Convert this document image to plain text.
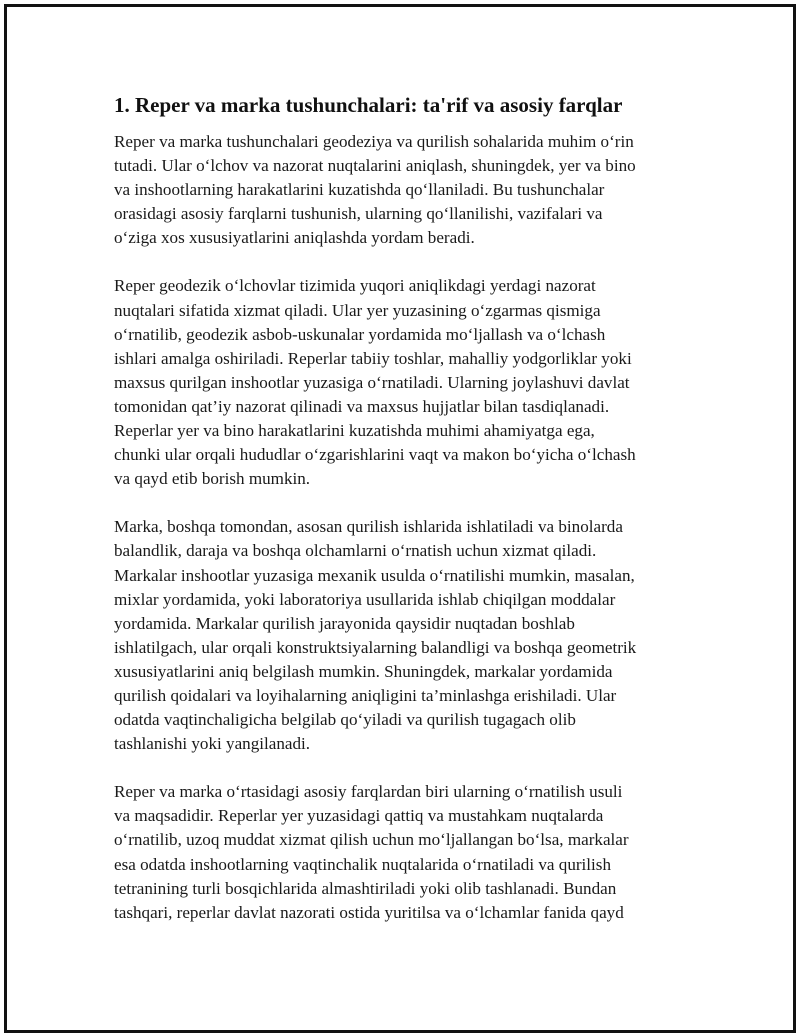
1. Reper va marka tushunchalari: ta'rif va asosiy farqlar

Reper va marka tushunchalari geodeziya va qurilish sohalarida muhim o‘rin
tutadi. Ular o‘lchov va nazorat nuqtalarini aniqlash, shuningdek, yer va bino
va inshootlarning harakatlarini kuzatishda qo‘llaniladi. Bu tushunchalar
orasidagi asosiy farqlarni tushunish, ularning qo‘llanilishi, vazifalari va
o‘ziga xos xususiyatlarini aniqlashda yordam beradi.

Reper geodezik o‘lchovlar tizimida yuqori aniqlikdagi yerdagi nazorat
nuqtalari sifatida xizmat qiladi. Ular yer yuzasining o‘zgarmas qismiga
o‘rnatilib, geodezik asbob-uskunalar yordamida mo‘ljallash va o‘lchash
ishlari amalga oshiriladi. Reperlar tabiiy toshlar, mahalliy yodgorliklar yoki
maxsus qurilgan inshootlar yuzasiga o‘rnatiladi. Ularning joylashuvi davlat
tomonidan qat’iy nazorat qilinadi va maxsus hujjatlar bilan tasdiqlanadi.
Reperlar yer va bino harakatlarini kuzatishda muhimi ahamiyatga ega,
chunki ular orqali hududlar o‘zgarishlarini vaqt va makon bo‘yicha o‘lchash
va qayd etib borish mumkin.

Marka, boshqa tomondan, asosan qurilish ishlarida ishlatiladi va binolarda
balandlik, daraja va boshqa olchamlarni o‘rnatish uchun xizmat qiladi.
Markalar inshootlar yuzasiga mexanik usulda o‘rnatilishi mumkin, masalan,
mixlar yordamida, yoki laboratoriya usullarida ishlab chiqilgan moddalar
yordamida. Markalar qurilish jarayonida qaysidir nuqtadan boshlab
ishlatilgach, ular orqali konstruktsiyalarning balandligi va boshqa geometrik
xususiyatlarini aniq belgilash mumkin. Shuningdek, markalar yordamida
qurilish qoidalari va loyihalarning aniqligini ta’minlashga erishiladi. Ular
odatda vaqtinchaligicha belgilab qo‘yiladi va qurilish tugagach olib
tashlanishi yoki yangilanadi.

Reper va marka o‘rtasidagi asosiy farqlardan biri ularning o‘rnatilish usuli
va maqsadidir. Reperlar yer yuzasidagi qattiq va mustahkam nuqtalarda
o‘rnatilib, uzoq muddat xizmat qilish uchun mo‘ljallangan bo‘lsa, markalar
esa odatda inshootlarning vaqtinchalik nuqtalarida o‘rnatiladi va qurilish
tetranining turli bosqichlarida almashtiriladi yoki olib tashlanadi. Bundan
tashqari, reperlar davlat nazorati ostida yuritilsa va o‘lchamlar fanida qayd
